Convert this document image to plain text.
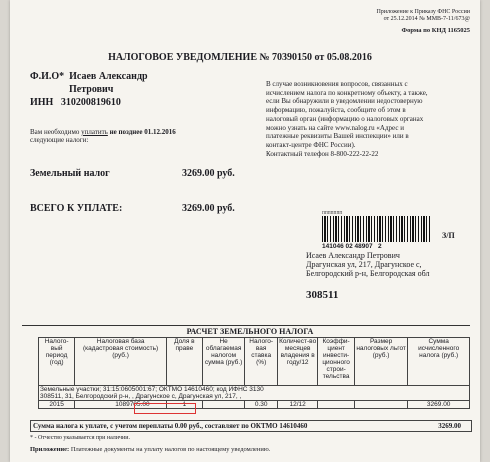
Приложение к Приказу ФНС России
от 25.12.2014 № ММВ-7-11/673@
Форма по КНД 1165025
НАЛОГОВОЕ УВЕДОМЛЕНИЕ № 70390150 от 05.08.2016
Ф.И.О* Исаев Александр
Петрович
ИНН 310200819610
В случае возникновения вопросов, связанных с
исчислением налога по конкретному объекту, а также,
если Вы обнаружили в уведомлении недостоверную
информацию, пожалуйста, сообщите об этом в
налоговый орган (информацию о налоговых органах
можно узнать на сайте www.nalog.ru «Адрес и
платежные реквизиты Вашей инспекции» или в
контакт-центре ФНС России).
Контактный телефон 8-800-222-22-22
Вам необходимо уплатить не позднее 01.12.2016
следующие налоги:
Земельный налог	3269.00 руб.
ВСЕГО К УПЛАТЕ:	3269.00 руб.	ППППППП
141046 02 48907 2
З/П
Исаев Александр Петрович
Драгунская ул, 217, Драгунское с,
Белгородский р-н, Белгородская обл
308511
РАСЧЕТ ЗЕМЕЛЬНОГО НАЛОГА
Налого-вый период (год)	Налоговая база (кадастровая стоимость) (руб.)	Доля в праве	Не облагаемая налогом сумма (руб.)	Налого-вая ставка (%)	Количест-во месяцев владения в году/12	Коэффи-циент инвести-ционного строи-тельства	Размер налоговых льгот (руб.)	Сумма исчисленного налога (руб.)

Земельные участки; 31:15:0605001:67; ОКТМО 14610460; код ИФНС 3130
308511, 31, Белгородский р-н, , Драгунское с, Драгунская ул, 217, ,								

2015	1089705.00	1		0.30	12/12			3269.00
Сумма налога к уплате, с учетом переплаты 0.00 руб., составляет по ОКТМО 14610460	3269.00
* - Отчество указывается при наличии.
Приложение: Платежные документы на уплату налогов по настоящему уведомлению.
